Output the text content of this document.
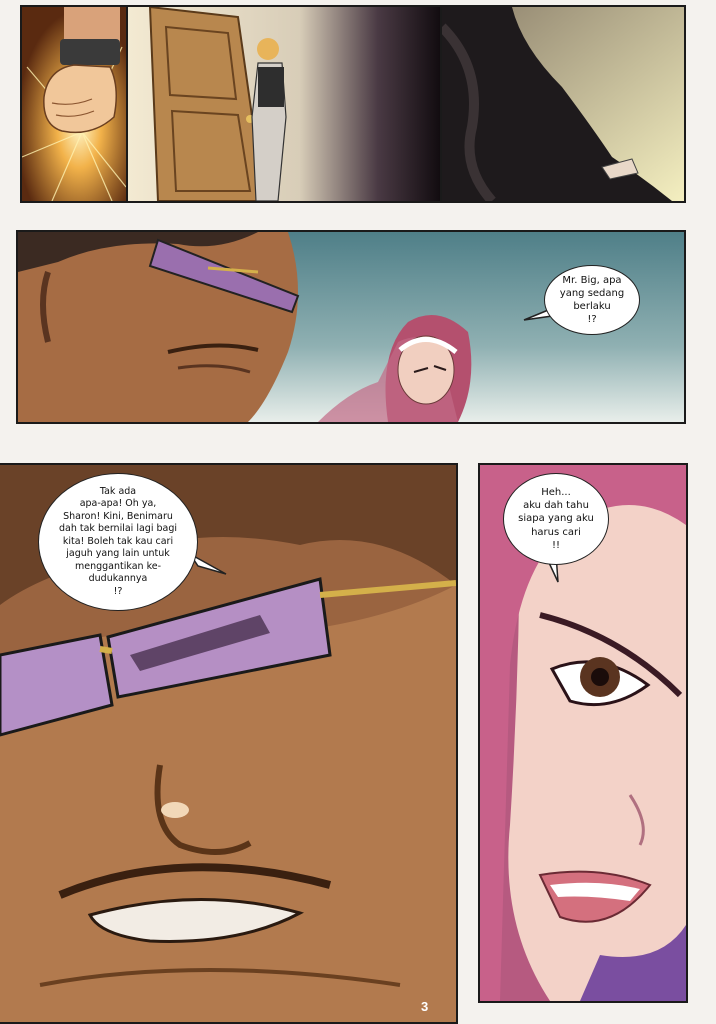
Mr. Big, apa
yang sedang
berlaku
!?
Tak ada
apa-apa! Oh ya,
Sharon! Kini, Benimaru
dah tak bernilai lagi bagi
kita! Boleh tak kau cari
jaguh yang lain untuk
menggantikan ke-
dudukannya
!?
Heh...
aku dah tahu
siapa yang aku
harus cari
!!
3
